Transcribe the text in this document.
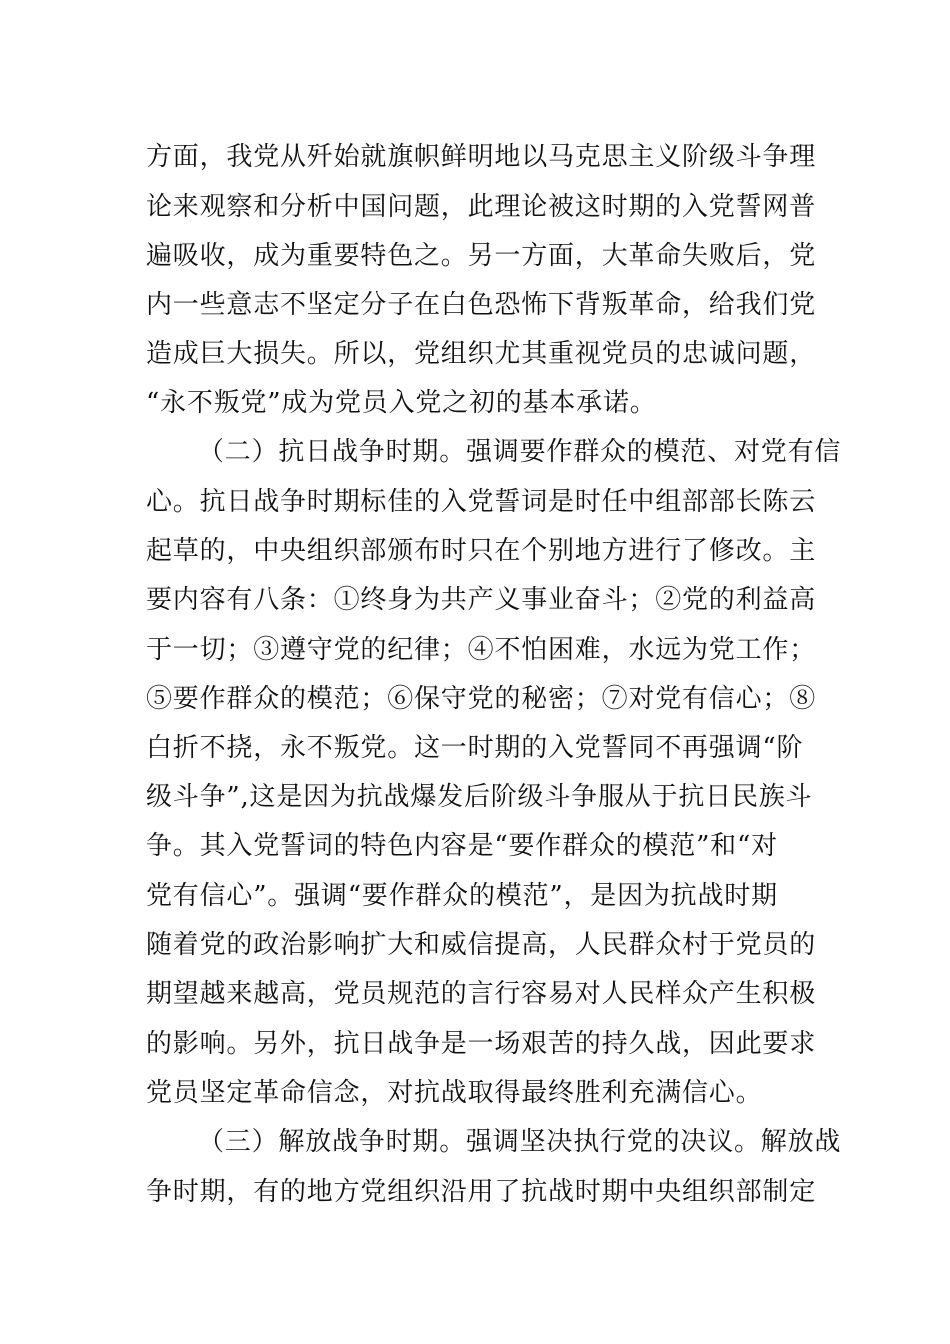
方面，我党从歼始就旗帜鲜明地以马克思主义阶级斗争理
论来观察和分析中国问题，此理论被这时期的入党誓网普
遍吸收，成为重要特色之。另一方面，大革命失败后，党
内一些意志不坚定分子在白色恐怖下背叛革命，给我们党
造成巨大损失。所以，党组织尤其重视党员的忠诚问题，
“永不叛党”成为党员入党之初的基本承诺。
（二）抗日战争时期。强调要作群众的模范、对党有信
心。抗日战争时期标佳的入党誓词是时任中组部部长陈云
起草的，中央组织部颁布时只在个别地方进行了修改。主
要内容有八条：①终身为共产义事业奋斗；②党的利益高
于一切；③遵守党的纪律；④不怕困难，水远为党工作；
⑤要作群众的模范；⑥保守党的秘密；⑦对党有信心；⑧
白折不挠，永不叛党。这一时期的入党誓同不再强调“阶
级斗争”,这是因为抗战爆发后阶级斗争服从于抗日民族斗
争。其入党誓词的特色内容是“要作群众的模范”和“对
党有信心”。强调“要作群众的模范”，是因为抗战时期
随着党的政治影响扩大和威信提高，人民群众村于党员的
期望越来越高，党员规范的言行容易对人民样众产生积极
的影响。另外，抗日战争是一场艰苦的持久战，因此要求
党员坚定革命信念，对抗战取得最终胜利充满信心。
（三）解放战争时期。强调坚决执行党的决议。解放战
争时期，有的地方党组织沿用了抗战时期中央组织部制定
